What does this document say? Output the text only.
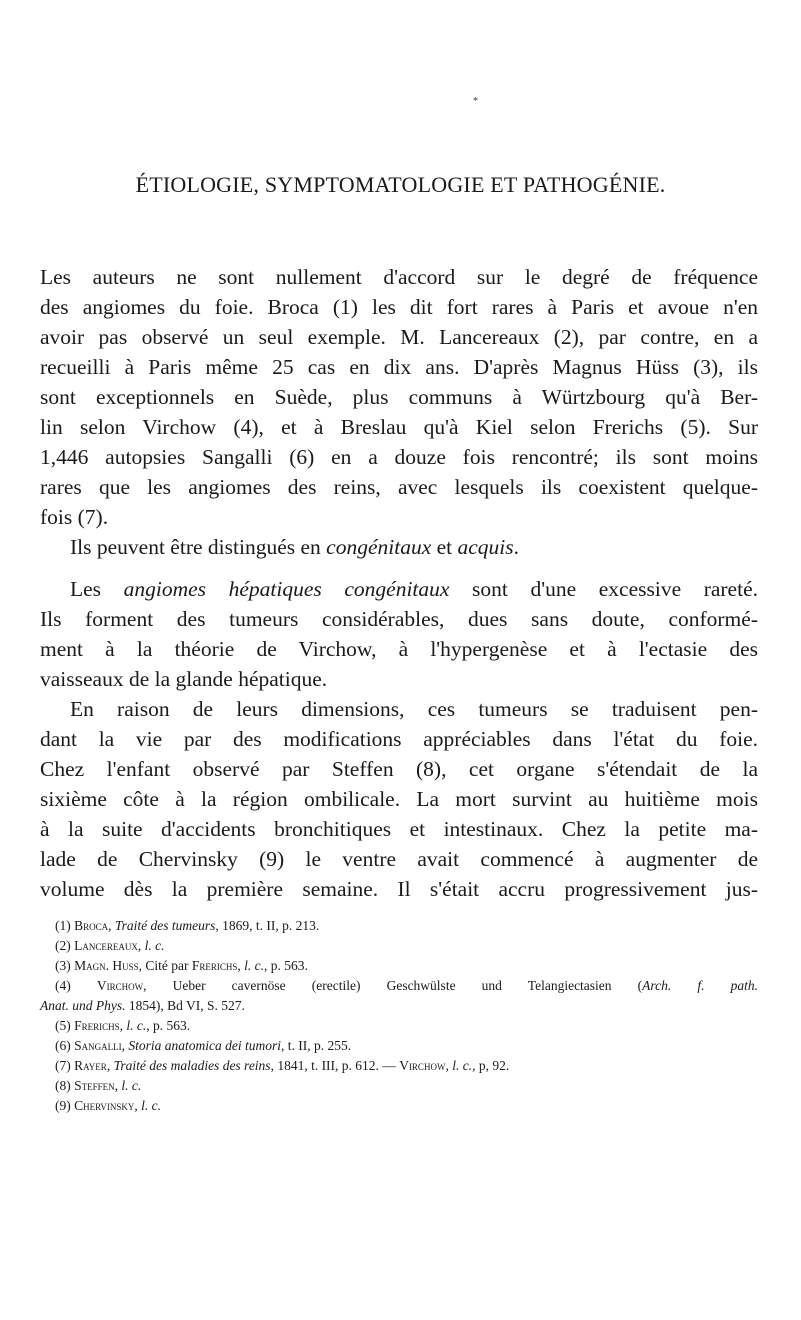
*
ÉTIOLOGIE, SYMPTOMATOLOGIE ET PATHOGÉNIE.
Les auteurs ne sont nullement d'accord sur le degré de fréquence
des angiomes du foie. Broca (1) les dit fort rares à Paris et avoue n'en
avoir pas observé un seul exemple. M. Lancereaux (2), par contre, en a
recueilli à Paris même 25 cas en dix ans. D'après Magnus Hüss (3), ils
sont exceptionnels en Suède, plus communs à Würtzbourg qu'à Ber-
lin selon Virchow (4), et à Breslau qu'à Kiel selon Frerichs (5). Sur
1,446 autopsies Sangalli (6) en a douze fois rencontré; ils sont moins
rares que les angiomes des reins, avec lesquels ils coexistent quelque-
fois (7).
Ils peuvent être distingués en congénitaux et acquis.
Les angiomes hépatiques congénitaux sont d'une excessive rareté.
Ils forment des tumeurs considérables, dues sans doute, conformé-
ment à la théorie de Virchow, à l'hypergenèse et à l'ectasie des
vaisseaux de la glande hépatique.
En raison de leurs dimensions, ces tumeurs se traduisent pen-
dant la vie par des modifications appréciables dans l'état du foie.
Chez l'enfant observé par Steffen (8), cet organe s'étendait de la
sixième côte à la région ombilicale. La mort survint au huitième mois
à la suite d'accidents bronchitiques et intestinaux. Chez la petite ma-
lade de Chervinsky (9) le ventre avait commencé à augmenter de
volume dès la première semaine. Il s'était accru progressivement jus-
(1) Broca, Traité des tumeurs, 1869, t. II, p. 213.
(2) Lancereaux, l. c.
(3) Magn. Huss, Cité par Frerichs, l. c., p. 563.
(4) Virchow, Ueber cavernöse (erectile) Geschwülste und Telangiectasien (Arch. f. path.
Anat. und Phys. 1854), Bd VI, S. 527.
(5) Frerichs, l. c., p. 563.
(6) Sangalli, Storia anatomica dei tumori, t. II, p. 255.
(7) Rayer, Traité des maladies des reins, 1841, t. III, p. 612. — Virchow, l. c., p, 92.
(8) Steffen, l. c.
(9) Chervinsky, l. c.
